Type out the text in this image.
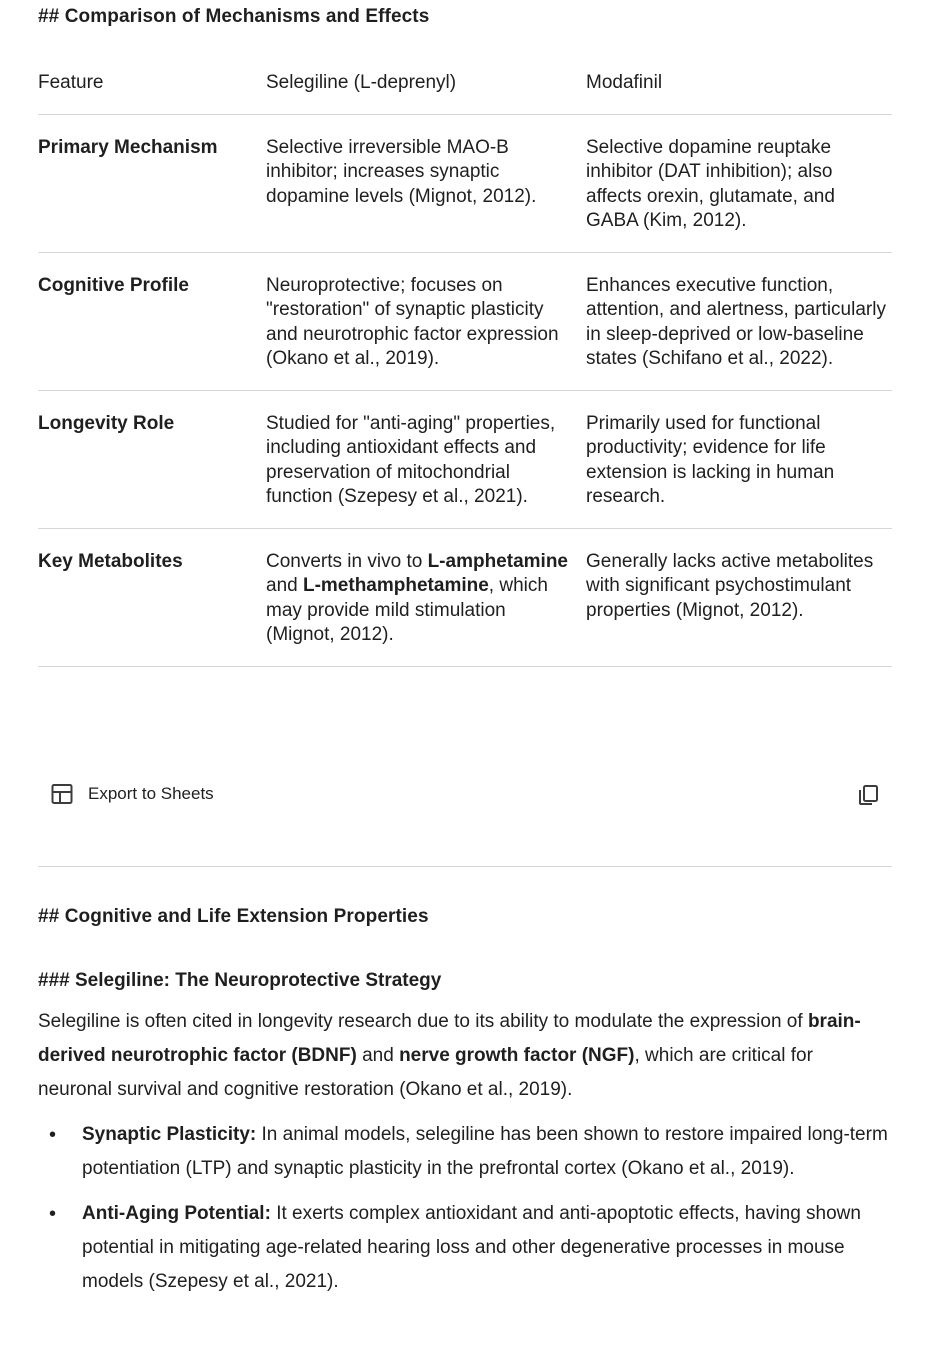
## Comparison of Mechanisms and Effects
Feature	Selegiline (L-deprenyl)	Modafinil
Primary Mechanism	Selective irreversible MAO-B inhibitor; increases synaptic dopamine levels (Mignot, 2012).	Selective dopamine reuptake inhibitor (DAT inhibition); also affects orexin, glutamate, and GABA (Kim, 2012).
Cognitive Profile	Neuroprotective; focuses on "restoration" of synaptic plasticity and neurotrophic factor expression (Okano et al., 2019).	Enhances executive function, attention, and alertness, particularly in sleep-deprived or low-baseline states (Schifano et al., 2022).
Longevity Role	Studied for "anti-aging" properties, including antioxidant effects and preservation of mitochondrial function (Szepesy et al., 2021).	Primarily used for functional productivity; evidence for life extension is lacking in human research.
Key Metabolites	Converts in vivo to L-amphetamine and L-methamphetamine, which may provide mild stimulation (Mignot, 2012).	Generally lacks active metabolites with significant psychostimulant properties (Mignot, 2012).
Export to Sheets
## Cognitive and Life Extension Properties
### Selegiline: The Neuroprotective Strategy
Selegiline is often cited in longevity research due to its ability to modulate the expression of brain-derived neurotrophic factor (BDNF) and nerve growth factor (NGF), which are critical for neuronal survival and cognitive restoration (Okano et al., 2019).
• Synaptic Plasticity: In animal models, selegiline has been shown to restore impaired long-term potentiation (LTP) and synaptic plasticity in the prefrontal cortex (Okano et al., 2019).
• Anti-Aging Potential: It exerts complex antioxidant and anti-apoptotic effects, having shown potential in mitigating age-related hearing loss and other degenerative processes in mouse models (Szepesy et al., 2021).
